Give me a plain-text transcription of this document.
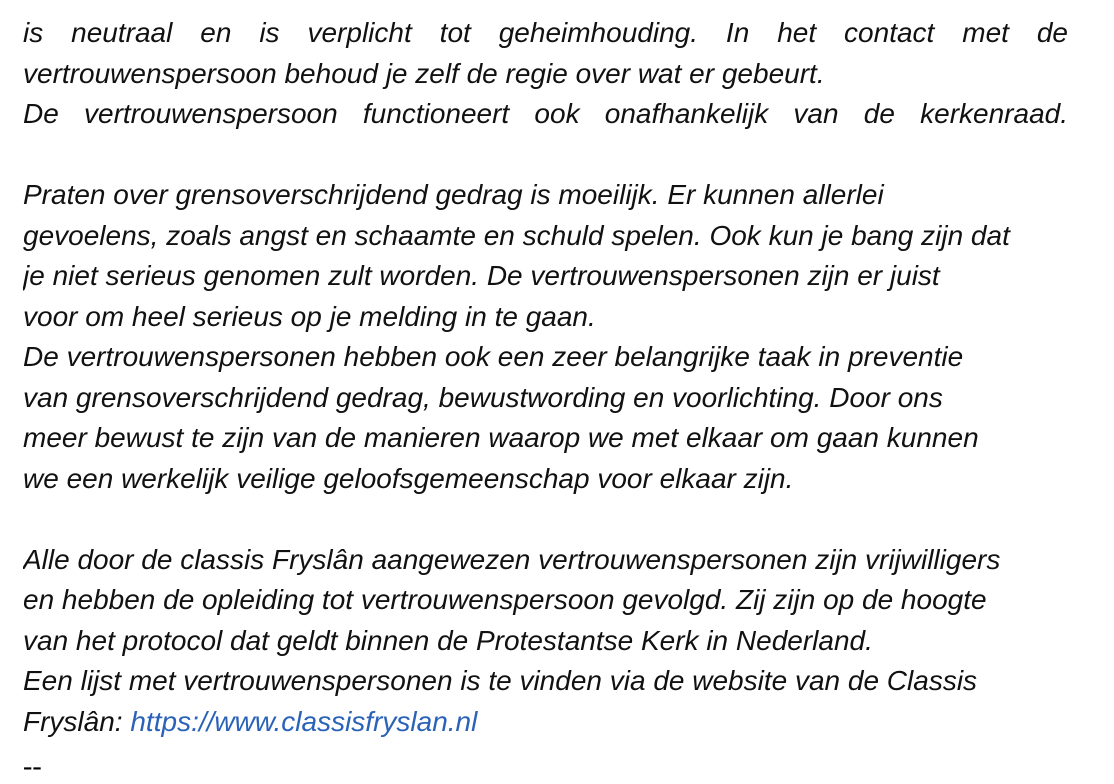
is neutraal en is verplicht tot geheimhouding. In het contact met de
vertrouwenspersoon behoud je zelf de regie over wat er gebeurt.
De vertrouwenspersoon functioneert ook onafhankelijk van de kerkenraad.
Praten over grensoverschrijdend gedrag is moeilijk. Er kunnen allerlei
gevoelens, zoals angst en schaamte en schuld spelen. Ook kun je bang zijn dat
je niet serieus genomen zult worden. De vertrouwenspersonen zijn er juist
voor om heel serieus op je melding in te gaan.
De vertrouwenspersonen hebben ook een zeer belangrijke taak in preventie
van grensoverschrijdend gedrag, bewustwording en voorlichting. Door ons
meer bewust te zijn van de manieren waarop we met elkaar om gaan kunnen
we een werkelijk veilige geloofsgemeenschap voor elkaar zijn.
Alle door de classis Fryslân aangewezen vertrouwenspersonen zijn vrijwilligers
en hebben de opleiding tot vertrouwenspersoon gevolgd. Zij zijn op de hoogte
van het protocol dat geldt binnen de Protestantse Kerk in Nederland.
Een lijst met vertrouwenspersonen is te vinden via de website van de Classis
Fryslân: https://www.classisfryslan.nl
--
